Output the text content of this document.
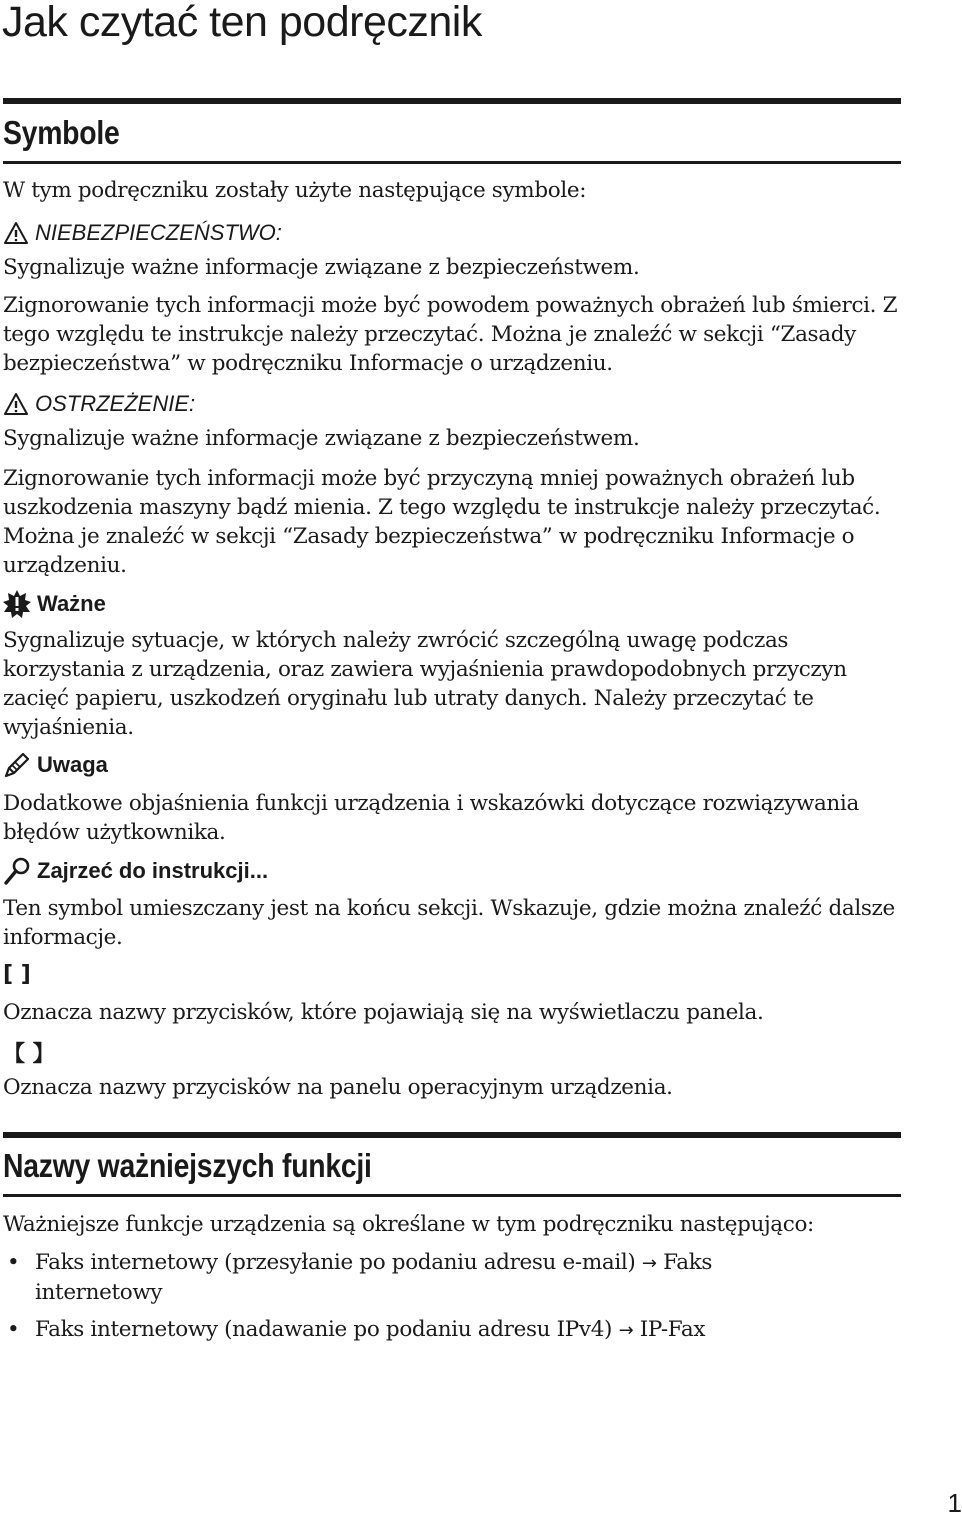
Jak czytać ten podręcznik
Symbole

W tym podręczniku zostały użyte następujące symbole:

NIEBEZPIECZEŃSTWO:

Sygnalizuje ważne informacje związane z bezpieczeństwem.

Zignorowanie tych informacji może być powodem poważnych obrażeń lub śmierci. Z tego względu te instrukcje należy przeczytać. Można je znaleźć w sekcji “Zasady bezpieczeństwa” w podręczniku Informacje o urządzeniu.

OSTRZEŻENIE:

Sygnalizuje ważne informacje związane z bezpieczeństwem.

Zignorowanie tych informacji może być przyczyną mniej poważnych obrażeń lub uszkodzenia maszyny bądź mienia. Z tego względu te instrukcje należy przeczytać. Można je znaleźć w sekcji “Zasady bezpieczeństwa” w podręczniku Informacje o urządzeniu.

Ważne

Sygnalizuje sytuacje, w których należy zwrócić szczególną uwagę podczas korzystania z urządzenia, oraz zawiera wyjaśnienia prawdopodobnych przyczyn zacięć papieru, uszkodzeń oryginału lub utraty danych. Należy przeczytać te wyjaśnienia.

Uwaga

Dodatkowe objaśnienia funkcji urządzenia i wskazówki dotyczące rozwiązywania błędów użytkownika.

Zajrzeć do instrukcji...

Ten symbol umieszczany jest na końcu sekcji. Wskazuje, gdzie można znaleźć dalsze informacje.

[ ]

Oznacza nazwy przycisków, które pojawiają się na wyświetlaczu panela.

【 】

Oznacza nazwy przycisków na panelu operacyjnym urządzenia.

Nazwy ważniejszych funkcji

Ważniejsze funkcje urządzenia są określane w tym podręczniku następująco:

• Faks internetowy (przesyłanie po podaniu adresu e-mail) → Faks internetowy
• Faks internetowy (nadawanie po podaniu adresu IPv4) → IP-Fax
1
